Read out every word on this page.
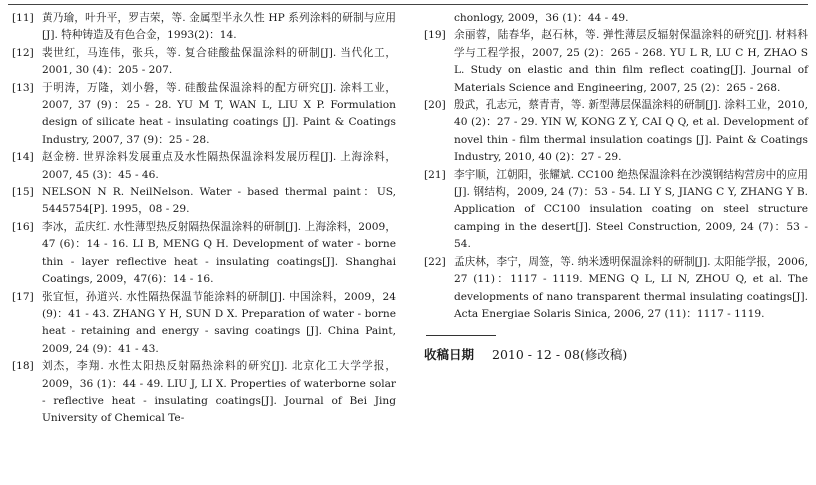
[11] 黄乃瑜，叶升平，罗吉荣，等. 金属型半永久性 HP 系列涂料的研制与应用[J]. 特种铸造及有色合金，1993(2)：14.
[12] 裴世红，马连伟，张兵，等. 复合硅酸盐保温涂料的研制[J]. 当代化工，2001, 30 (4)：205 - 207.
[13] 于明涛，万隆，刘小磐，等. 硅酸盐保温涂料的配方研究[J]. 涂料工业，2007, 37 (9)：25 - 28. YU M T, WAN L, LIU X P. Formulation design of silicate heat - insulating coatings [J]. Paint & Coatings Industry, 2007, 37 (9)：25 - 28.
[14] 赵金榜. 世界涂料发展重点及水性隔热保温涂料发展历程[J]. 上海涂料，2007, 45 (3)：45 - 46.
[15] NELSON N R. NeilNelson. Water - based thermal paint：US, 5445754[P]. 1995，08 - 29.
[16] 李冰，孟庆红. 水性薄型热反射隔热保温涂料的研制[J]. 上海涂料，2009，47 (6)：14 - 16. LI B, MENG Q H. Development of water - borne thin - layer reflective heat - insulating coatings[J]. Shanghai Coatings, 2009，47(6)：14 - 16.
[17] 张宜恒，孙道兴. 水性隔热保温节能涂料的研制[J]. 中国涂料，2009，24 (9)：41 - 43. ZHANG Y H, SUN D X. Preparation of water - borne heat - retaining and energy - saving coatings [J]. China Paint, 2009, 24 (9)：41 - 43.
[18] 刘杰，李翔. 水性太阳热反射隔热涂料的研究[J]. 北京化工大学学报，2009，36 (1)：44 - 49. LIU J, LI X. Properties of waterborne solar - reflective heat - insulating coatings[J]. Journal of Bei Jing University of Chemical Te-
chonlogy, 2009，36 (1)：44 - 49.
[19] 余丽蓉，陆春华，赵石林，等. 弹性薄层反辐射保温涂料的研究[J]. 材料科学与工程学报，2007, 25 (2)：265 - 268. YU L R, LU C H, ZHAO S L. Study on elastic and thin film reflect coating[J]. Journal of Materials Science and Engineering, 2007, 25 (2)：265 - 268.
[20] 殷武，孔志元，蔡青青，等. 新型薄层保温涂料的研制[J]. 涂料工业，2010, 40 (2)：27 - 29. YIN W, KONG Z Y, CAI Q Q, et al. Development of novel thin - film thermal insulation coatings [J]. Paint & Coatings Industry, 2010, 40 (2)：27 - 29.
[21] 李宇顺，江朝阳，张耀斌. CC100 绝热保温涂料在沙漠钢结构营房中的应用[J]. 钢结构，2009, 24 (7)：53 - 54. LI Y S, JIANG C Y, ZHANG Y B. Application of CC100 insulation coating on steel structure camping in the desert[J]. Steel Construction, 2009, 24 (7)：53 - 54.
[22] 孟庆林，李宁，周签，等. 纳米透明保温涂料的研制[J]. 太阳能学报，2006, 27 (11)：1117 - 1119. MENG Q L, LI N, ZHOU Q, et al. The developments of nano transparent thermal insulating coatings[J]. Acta Energiae Solaris Sinica, 2006, 27 (11)：1117 - 1119.
收稿日期 2010 - 12 - 08(修改稿)
